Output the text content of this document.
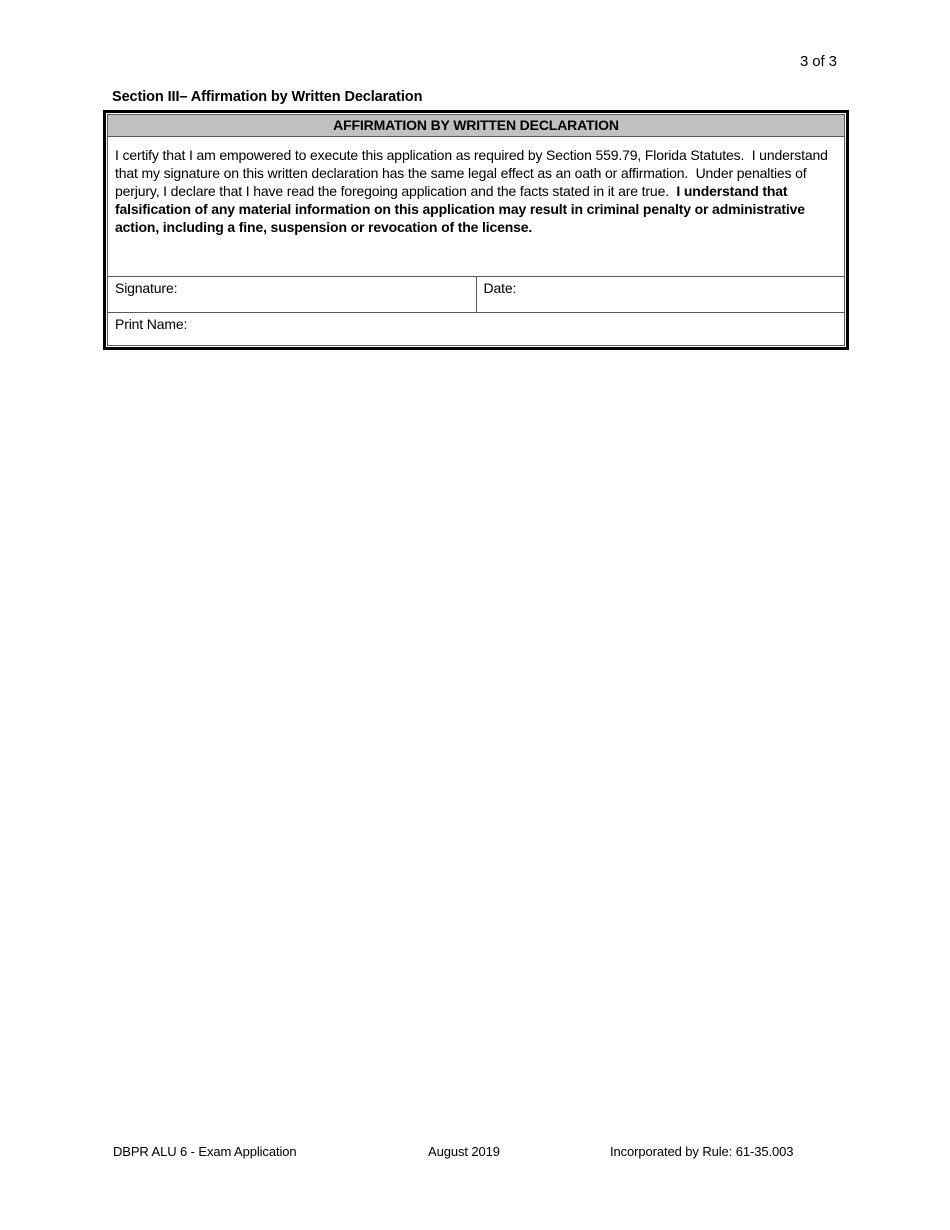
3 of 3
Section III– Affirmation by Written Declaration
AFFIRMATION BY WRITTEN DECLARATION
I certify that I am empowered to execute this application as required by Section 559.79, Florida Statutes.  I understand that my signature on this written declaration has the same legal effect as an oath or affirmation.  Under penalties of perjury, I declare that I have read the foregoing application and the facts stated in it are true.  I understand that falsification of any material information on this application may result in criminal penalty or administrative action, including a fine, suspension or revocation of the license.
Signature:	Date:

Print Name:
DBPR ALU 6 - Exam Application	August 2019	Incorporated by Rule: 61-35.003
